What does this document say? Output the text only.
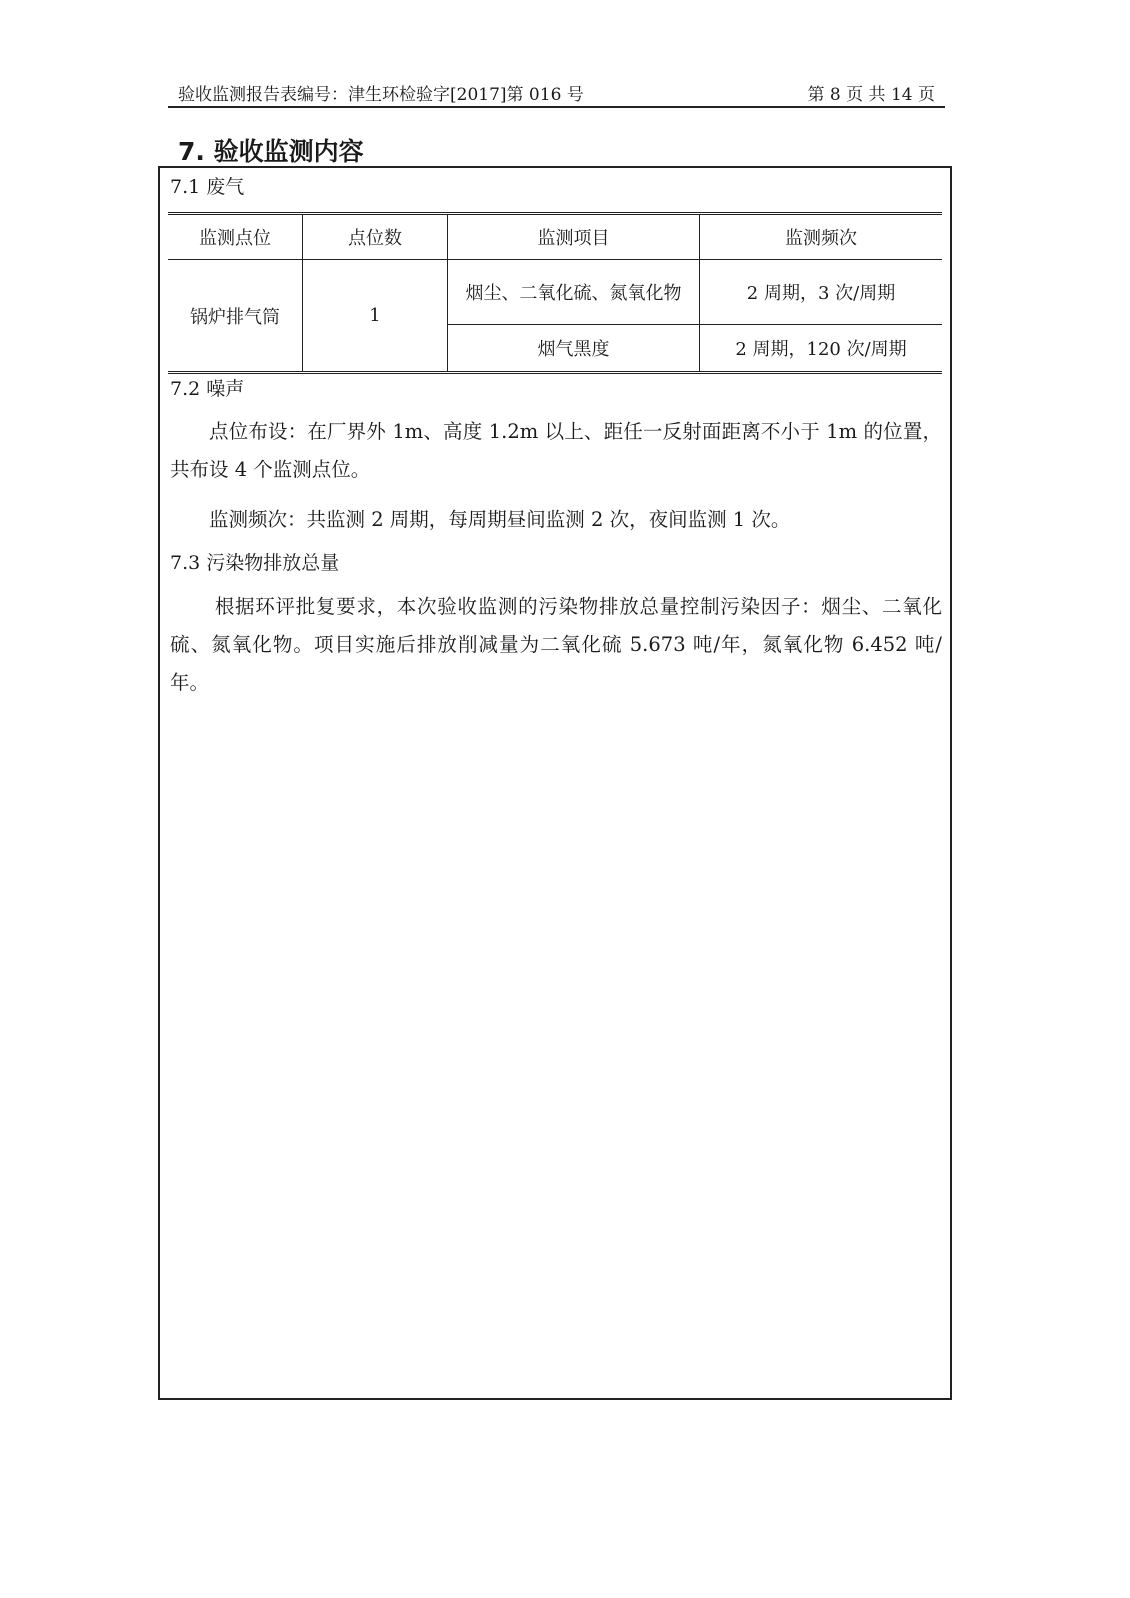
验收监测报告表编号：津生环检验字[2017]第 016 号	第 8 页 共 14 页
7. 验收监测内容
7.1 废气
监测点位	点位数	监测项目	监测频次
锅炉排气筒	1	烟尘、二氧化硫、氮氧化物	2 周期，3 次/周期
		烟气黑度	2 周期，120 次/周期
7.2 噪声
点位布设：在厂界外 1m、高度 1.2m 以上、距任一反射面距离不小于 1m 的位置，共布设 4 个监测点位。
监测频次：共监测 2 周期，每周期昼间监测 2 次，夜间监测 1 次。
7.3 污染物排放总量
根据环评批复要求，本次验收监测的污染物排放总量控制污染因子：烟尘、二氧化硫、氮氧化物。项目实施后排放削减量为二氧化硫 5.673 吨/年，氮氧化物 6.452 吨/年。
